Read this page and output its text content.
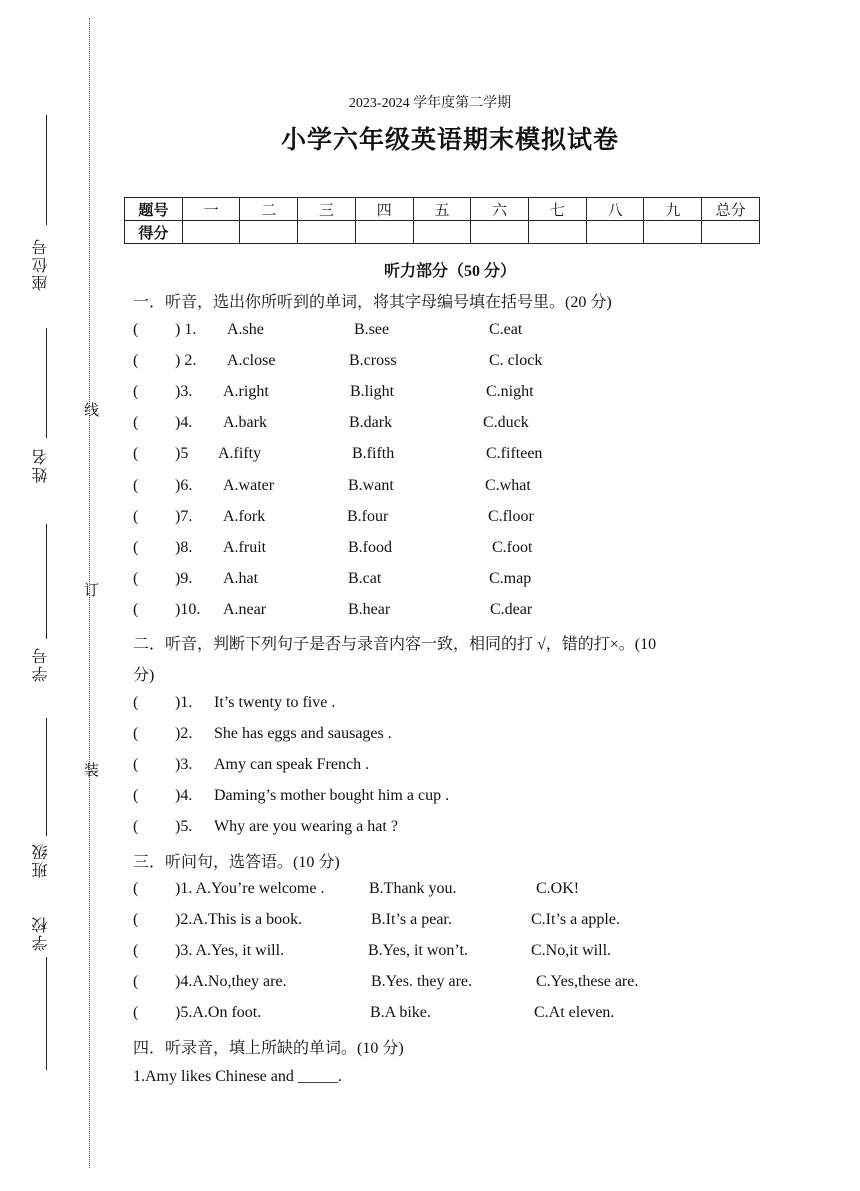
线
订
装
座位号
姓名
学号
班级
学校
2023-2024 学年度第二学期
小学六年级英语期末模拟试卷
题号	一	二	三	四	五	六	七	八	九	总分
得分										
听力部分（50 分）
一．听音，选出你所听到的单词，将其字母编号填在括号里。(20 分)
( ) 1. A.she	B.see	C.eat
( ) 2. A.close	B.cross	C. clock
( )3. A.right	B.light	C.night
( )4. A.bark	B.dark	C.duck
( )5 A.fifty	B.fifth	C.fifteen
( )6. A.water	B.want	C.what
( )7. A.fork	B.four	C.floor
( )8. A.fruit	B.food	C.foot
( )9. A.hat	B.cat	C.map
( )10. A.near	B.hear	C.dear
二．听音，判断下列句子是否与录音内容一致，相同的打 √，错的打×。(10
分)
( )1. It’s twenty to five .
( )2. She has eggs and sausages .
( )3. Amy can speak French .
( )4. Daming’s mother bought him a cup .
( )5. Why are you wearing a hat ?
三．听问句，选答语。(10 分)
( )1. A.You’re welcome .	B.Thank you.	C.OK!
( )2.A.This is a book.	B.It’s a pear.	C.It’s a apple.
( )3. A.Yes, it will.	B.Yes, it won’t.	C.No,it will.
( )4.A.No,they are.	B.Yes. they are.	C.Yes,these are.
( )5.A.On foot.	B.A bike.	C.At eleven.
四．听录音，填上所缺的单词。(10 分)
1.Amy likes Chinese and _____.
